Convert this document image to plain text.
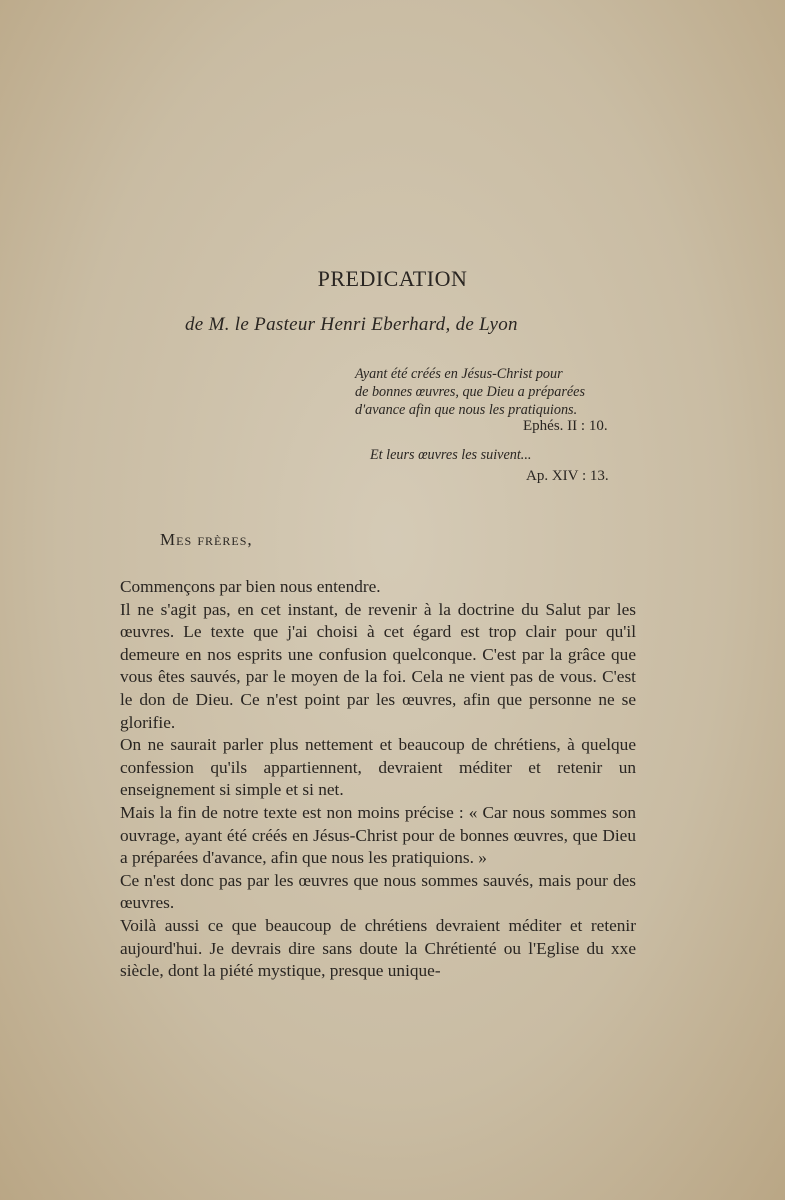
PREDICATION
de M. le Pasteur Henri Eberhard, de Lyon
Ayant été créés en Jésus-Christ pour
de bonnes œuvres, que Dieu a préparées
d'avance afin que nous les pratiquions.
Ephés. II : 10.
Et leurs œuvres les suivent...
Ap. XIV : 13.
Mes frères,

Commençons par bien nous entendre.

Il ne s'agit pas, en cet instant, de revenir à la doctrine du Salut par les œuvres. Le texte que j'ai choisi à cet égard est trop clair pour qu'il demeure en nos esprits une confusion quelconque. C'est par la grâce que vous êtes sauvés, par le moyen de la foi. Cela ne vient pas de vous. C'est le don de Dieu. Ce n'est point par les œuvres, afin que personne ne se glorifie.

On ne saurait parler plus nettement et beaucoup de chrétiens, à quelque confession qu'ils appartiennent, devraient méditer et retenir un enseignement si simple et si net.

Mais la fin de notre texte est non moins précise : « Car nous sommes son ouvrage, ayant été créés en Jésus-Christ pour de bonnes œuvres, que Dieu a préparées d'avance, afin que nous les pratiquions. »

Ce n'est donc pas par les œuvres que nous sommes sauvés, mais pour des œuvres.

Voilà aussi ce que beaucoup de chrétiens devraient méditer et retenir aujourd'hui. Je devrais dire sans doute la Chrétienté ou l'Eglise du xxe siècle, dont la piété mystique, presque unique-
